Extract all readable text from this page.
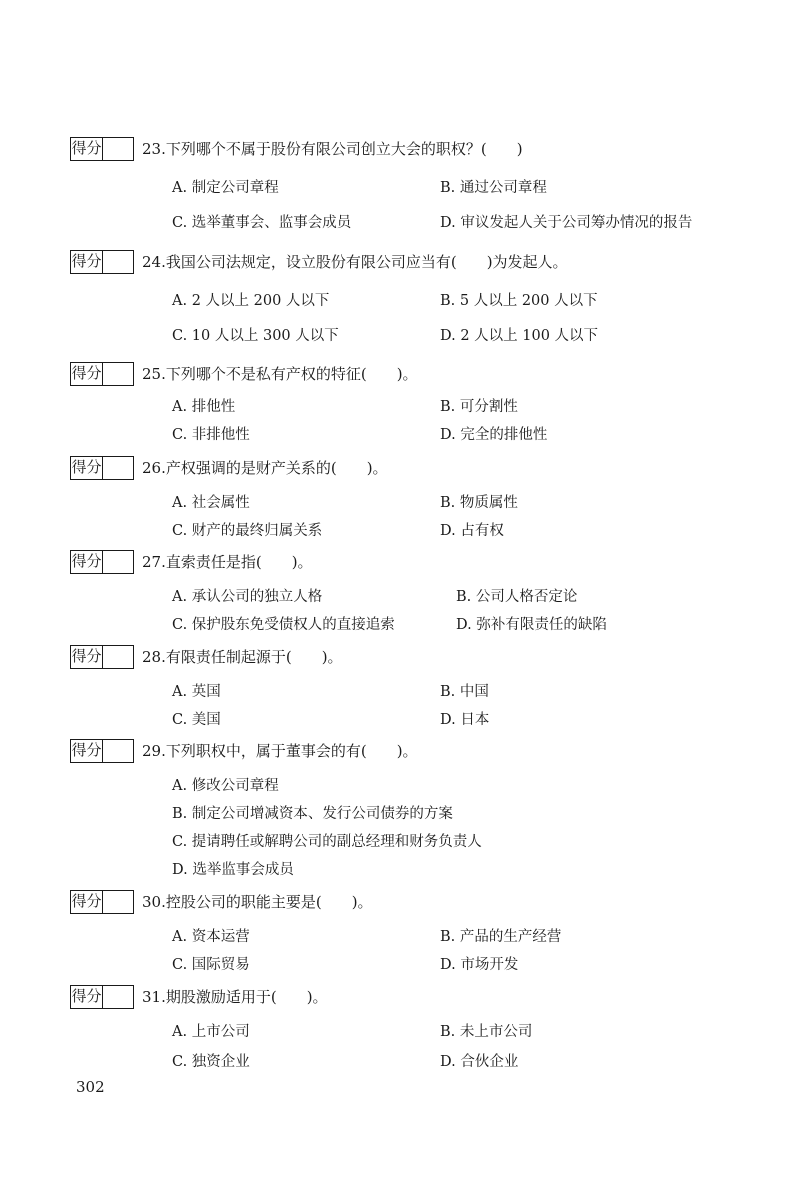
得分	23.下列哪个不属于股份有限公司创立大会的职权？(　　)
A. 制定公司章程	B. 通过公司章程
C. 选举董事会、监事会成员	D. 审议发起人关于公司筹办情况的报告
得分	24.我国公司法规定，设立股份有限公司应当有(　　)为发起人。
A. 2 人以上 200 人以下	B. 5 人以上 200 人以下
C. 10 人以上 300 人以下	D. 2 人以上 100 人以下
得分	25.下列哪个不是私有产权的特征(　　)。
A. 排他性	B. 可分割性
C. 非排他性	D. 完全的排他性
得分	26.产权强调的是财产关系的(　　)。
A. 社会属性	B. 物质属性
C. 财产的最终归属关系	D. 占有权
得分	27.直索责任是指(　　)。
A. 承认公司的独立人格	B. 公司人格否定论
C. 保护股东免受债权人的直接追索	D. 弥补有限责任的缺陷
得分	28.有限责任制起源于(　　)。
A. 英国	B. 中国
C. 美国	D. 日本
得分	29.下列职权中，属于董事会的有(　　)。
A. 修改公司章程
B. 制定公司增减资本、发行公司债券的方案
C. 提请聘任或解聘公司的副总经理和财务负责人
D. 选举监事会成员
得分	30.控股公司的职能主要是(　　)。
A. 资本运营	B. 产品的生产经营
C. 国际贸易	D. 市场开发
得分	31.期股激励适用于(　　)。
A. 上市公司	B. 未上市公司
C. 独资企业	D. 合伙企业
302
